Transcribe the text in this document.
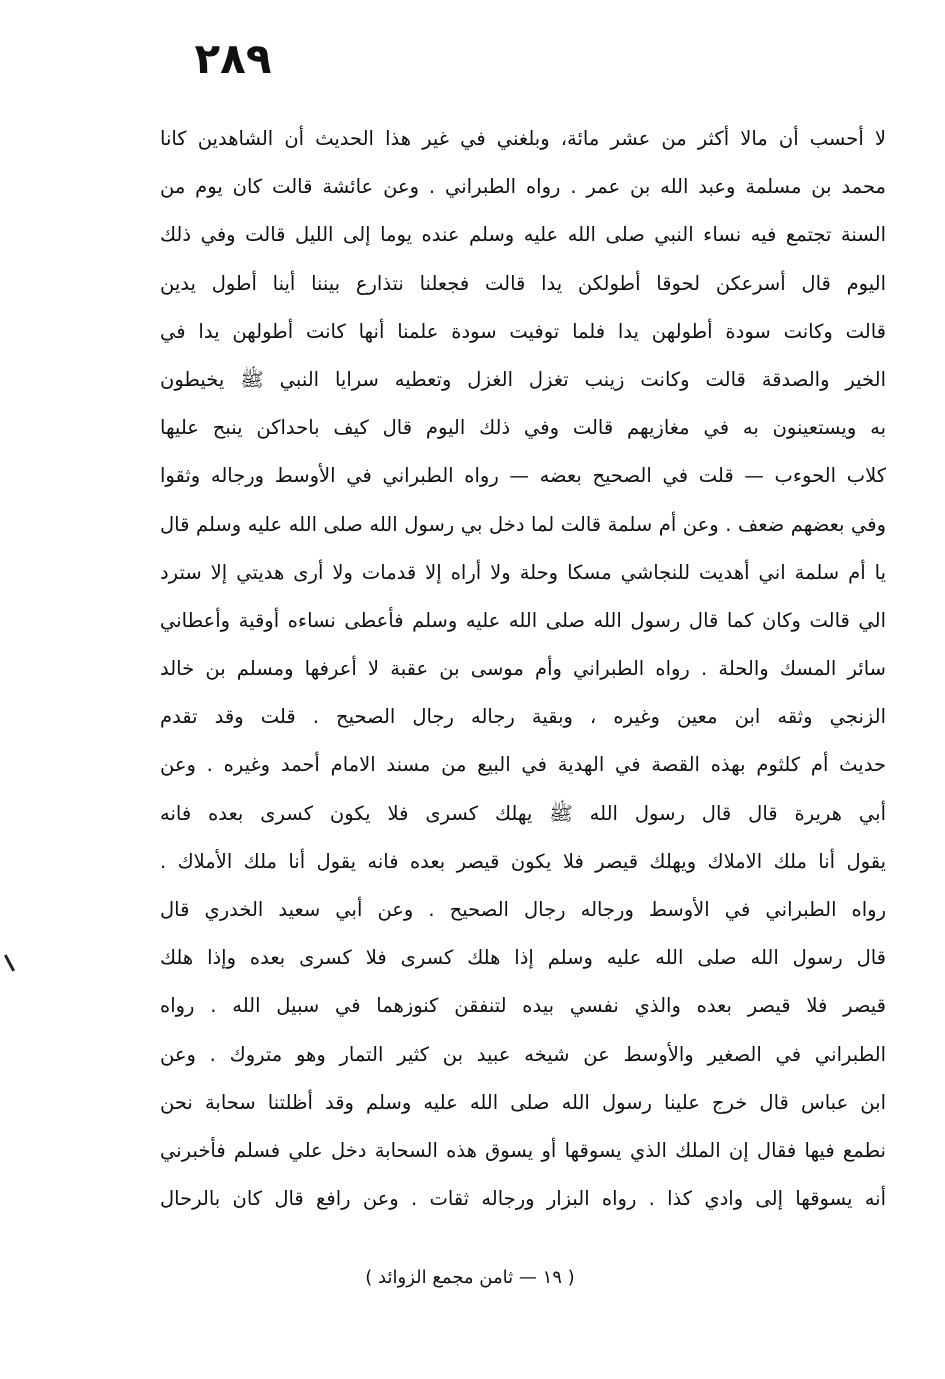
٢٨٩
لا أحسب أن مالا أكثر من عشر مائة، وبلغني في غير هذا الحديث أن الشاهدين كانا
محمد بن مسلمة وعبد الله بن عمر . رواه الطبراني . وعن عائشة قالت كان يوم من
السنة تجتمع فيه نساء النبي صلى الله عليه وسلم عنده يوما إلى الليل قالت وفي ذلك
اليوم قال أسرعكن لحوقا أطولكن يدا قالت فجعلنا نتذارع بيننا أينا أطول يدين
قالت وكانت سودة أطولهن يدا فلما توفيت سودة علمنا أنها كانت أطولهن يدا في
الخير والصدقة قالت وكانت زينب تغزل الغزل وتعطيه سرايا النبي ﷺ يخيطون
به ويستعينون به في مغازيهم قالت وفي ذلك اليوم قال كيف باحداكن ينبح عليها
كلاب الحوءب — قلت في الصحيح بعضه — رواه الطبراني في الأوسط ورجاله وثقوا
وفي بعضهم ضعف . وعن أم سلمة قالت لما دخل بي رسول الله صلى الله عليه وسلم قال
يا أم سلمة اني أهديت للنجاشي مسكا وحلة ولا أراه إلا قدمات ولا أرى هديتي إلا سترد
الي قالت وكان كما قال رسول الله صلى الله عليه وسلم فأعطى نساءه أوقية وأعطاني
سائر المسك والحلة . رواه الطبراني وأم موسى بن عقبة لا أعرفها ومسلم بن خالد
الزنجي وثقه ابن معين وغيره ، وبقية رجاله رجال الصحيح . قلت وقد تقدم
حديث أم كلثوم بهذه القصة في الهدية في البيع من مسند الامام أحمد وغيره . وعن
أبي هريرة قال قال رسول الله ﷺ يهلك كسرى فلا يكون كسرى بعده فانه
يقول أنا ملك الاملاك ويهلك قيصر فلا يكون قيصر بعده فانه يقول أنا ملك الأملاك .
رواه الطبراني في الأوسط ورجاله رجال الصحيح . وعن أبي سعيد الخدري قال
قال رسول الله صلى الله عليه وسلم إذا هلك كسرى فلا كسرى بعده وإذا هلك
قيصر فلا قيصر بعده والذي نفسي بيده لتنفقن كنوزهما في سبيل الله . رواه
الطبراني في الصغير والأوسط عن شيخه عبيد بن كثير التمار وهو متروك . وعن
ابن عباس قال خرج علينا رسول الله صلى الله عليه وسلم وقد أظلتنا سحابة نحن
نطمع فيها فقال إن الملك الذي يسوقها أو يسوق هذه السحابة دخل علي فسلم فأخبرني
أنه يسوقها إلى وادي كذا . رواه البزار ورجاله ثقات . وعن رافع قال كان بالرحال
( ١٩ — ثامن مجمع الزوائد )
